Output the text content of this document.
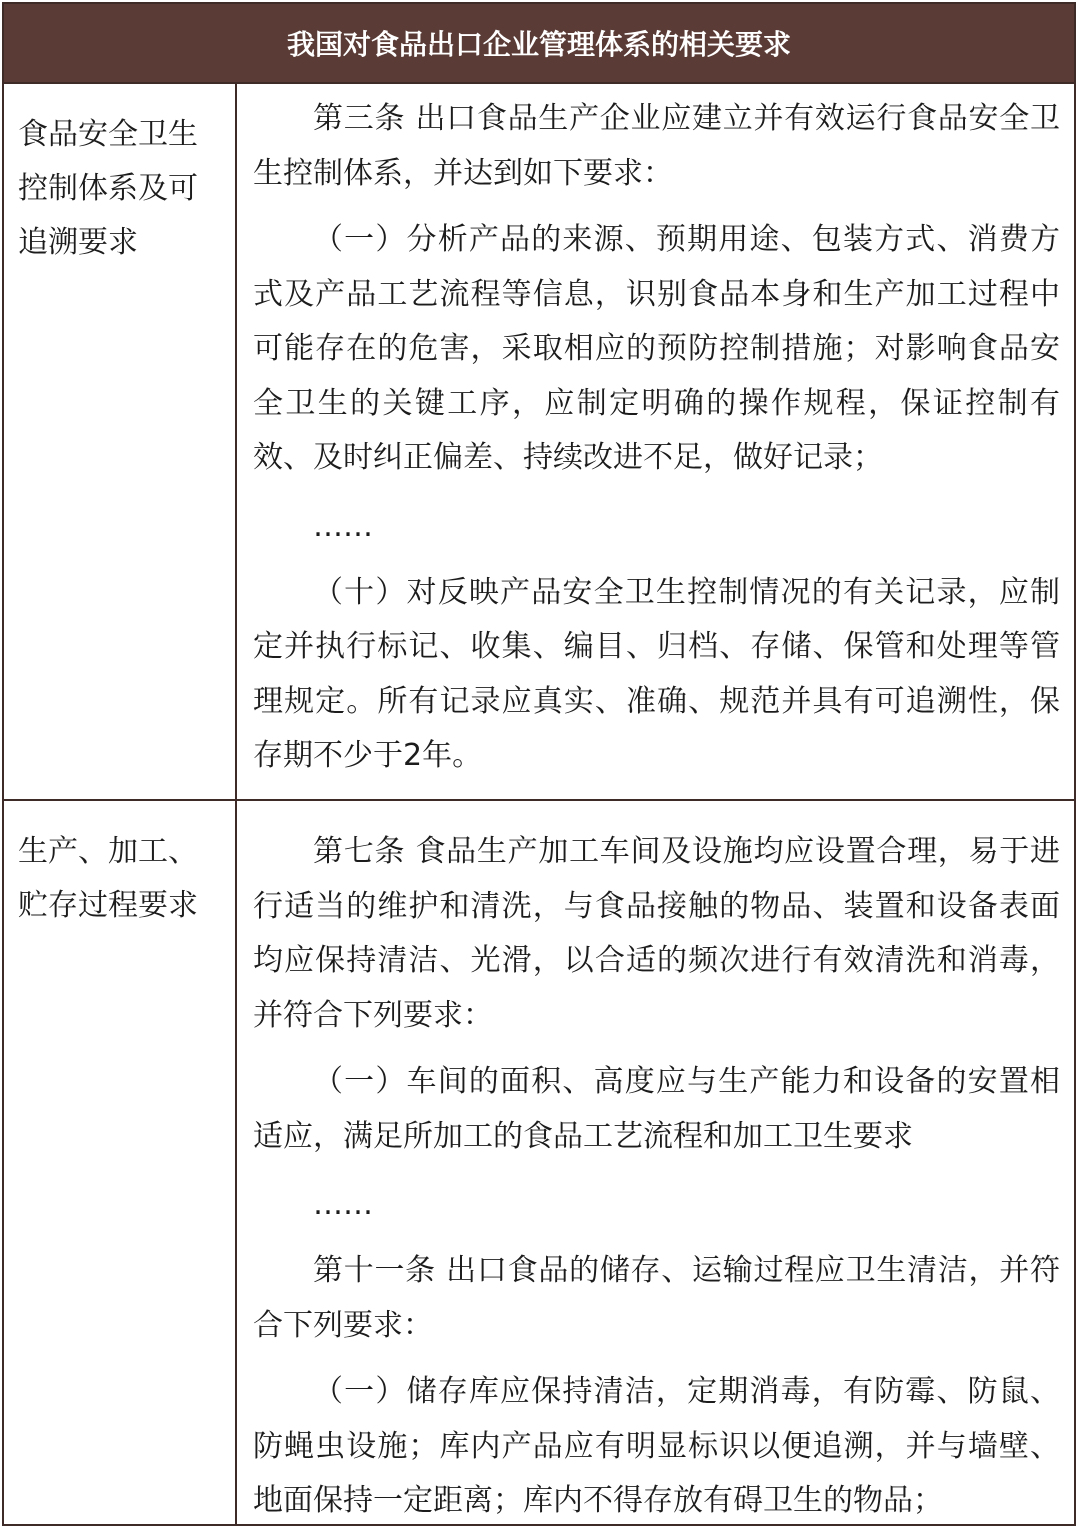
我国对食品出口企业管理体系的相关要求
食品安全卫生控制体系及可追溯要求

第三条 出口食品生产企业应建立并有效运行食品安全卫生控制体系，并达到如下要求：

（一）分析产品的来源、预期用途、包装方式、消费方式及产品工艺流程等信息，识别食品本身和生产加工过程中可能存在的危害，采取相应的预防控制措施；对影响食品安全卫生的关键工序，应制定明确的操作规程，保证控制有效、及时纠正偏差、持续改进不足，做好记录；

……

（十）对反映产品安全卫生控制情况的有关记录，应制定并执行标记、收集、编目、归档、存储、保管和处理等管理规定。所有记录应真实、准确、规范并具有可追溯性，保存期不少于2年。

生产、加工、贮存过程要求

第七条 食品生产加工车间及设施均应设置合理，易于进行适当的维护和清洗，与食品接触的物品、装置和设备表面均应保持清洁、光滑，以合适的频次进行有效清洗和消毒，并符合下列要求：

（一）车间的面积、高度应与生产能力和设备的安置相适应，满足所加工的食品工艺流程和加工卫生要求

……

第十一条 出口食品的储存、运输过程应卫生清洁，并符合下列要求：

（一）储存库应保持清洁，定期消毒，有防霉、防鼠、防蝇虫设施；库内产品应有明显标识以便追溯，并与墙壁、地面保持一定距离；库内不得存放有碍卫生的物品；
